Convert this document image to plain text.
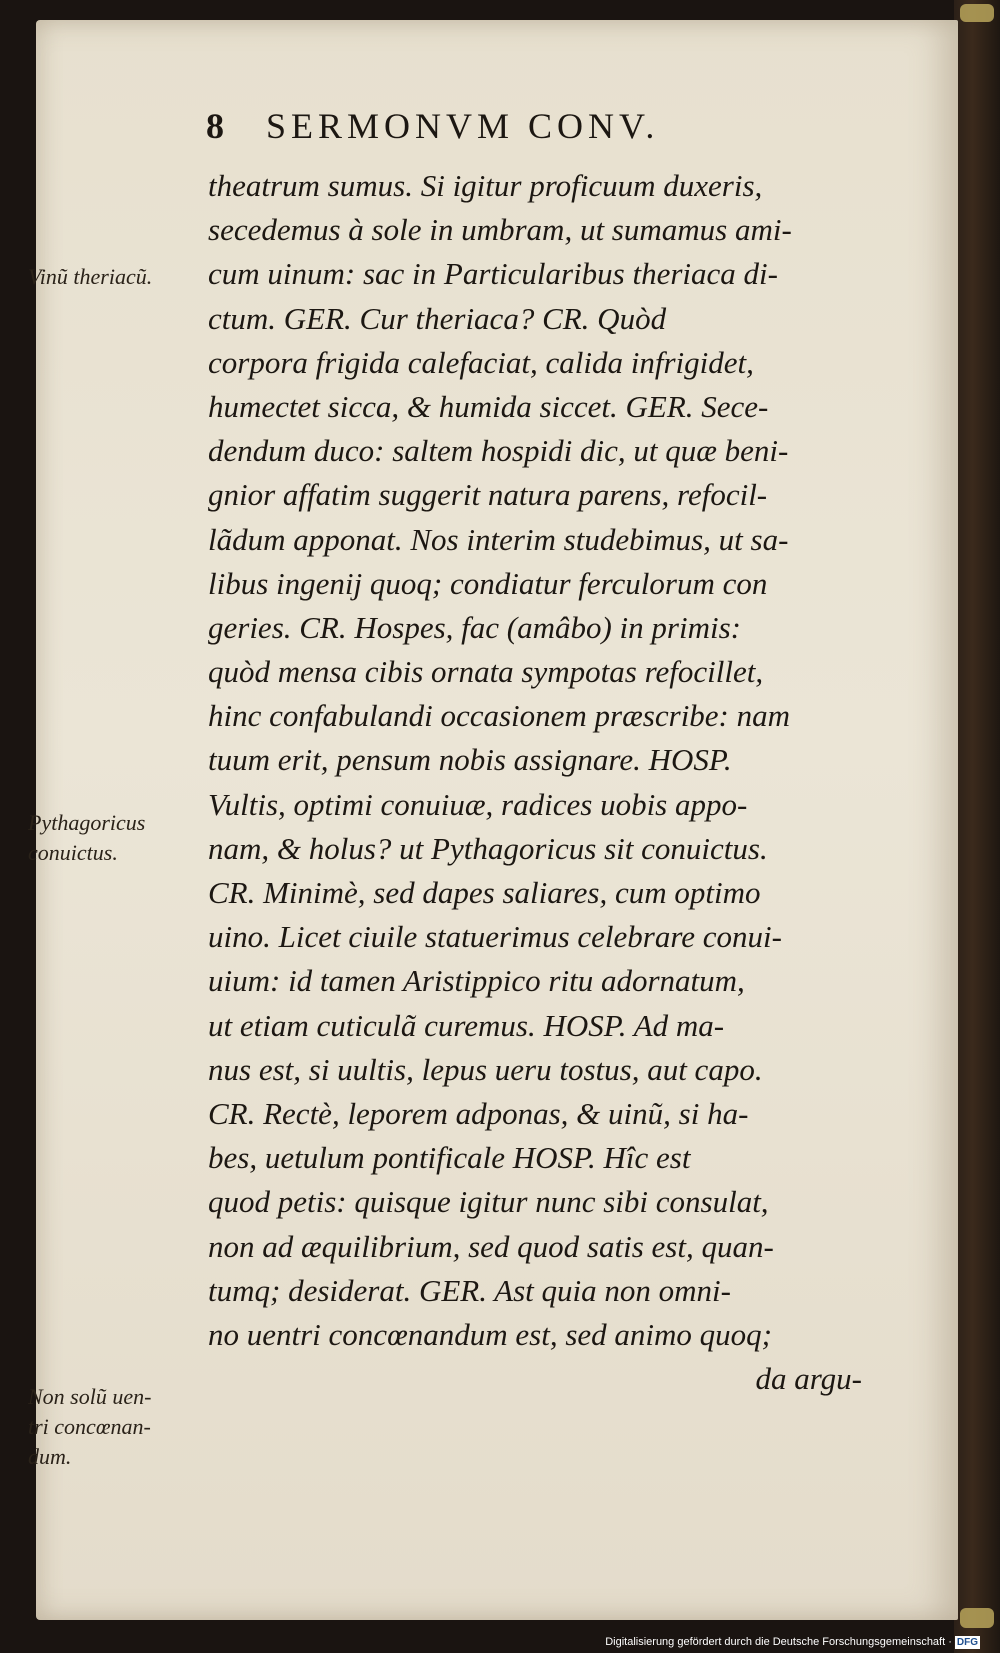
8 SERMONVM CONV.
theatrum sumus. Si igitur proficuum duxeris,
secedemus à sole in umbram, ut sumamus ami-
cum uinum: sac in Particularibus theriaca di-
ctum. GER. Cur theriaca? CR. Quòd
corpora frigida calefaciat, calida infrigidet,
humectet sicca, & humida siccet. GER. Sece-
dendum duco: saltem hospidi dic, ut quæ beni-
gnior affatim suggerit natura parens, refocil-
lãdum apponat. Nos interim studebimus, ut sa-
libus ingenij quoq; condiatur ferculorum con
geries. CR. Hospes, fac (amâbo) in primis:
quòd mensa cibis ornata sympotas refocillet,
hinc confabulandi occasionem præscribe: nam
tuum erit, pensum nobis assignare. HOSP.
Vultis, optimi conuiuæ, radices uobis appo-
nam, & holus? ut Pythagoricus sit conuictus.
CR. Minimè, sed dapes saliares, cum optimo
uino. Licet ciuile statuerimus celebrare conui-
uium: id tamen Aristippico ritu adornatum,
ut etiam cuticulã curemus. HOSP. Ad ma-
nus est, si uultis, lepus ueru tostus, aut capo.
CR. Rectè, leporem adponas, & uinũ, si ha-
bes, uetulum pontificale HOSP. Hîc est
quod petis: quisque igitur nunc sibi consulat,
non ad æquilibrium, sed quod satis est, quan-
tumq; desiderat. GER. Ast quia non omni-
no uentri concœnandum est, sed animo quoq;
da argu-
Vinũ theriacũ.
Pythagoricus
conuictus.
Non solũ uen-
tri concœnan-
dum.
Digitalisierung gefördert durch die Deutsche Forschungsgemeinschaft · DFG
